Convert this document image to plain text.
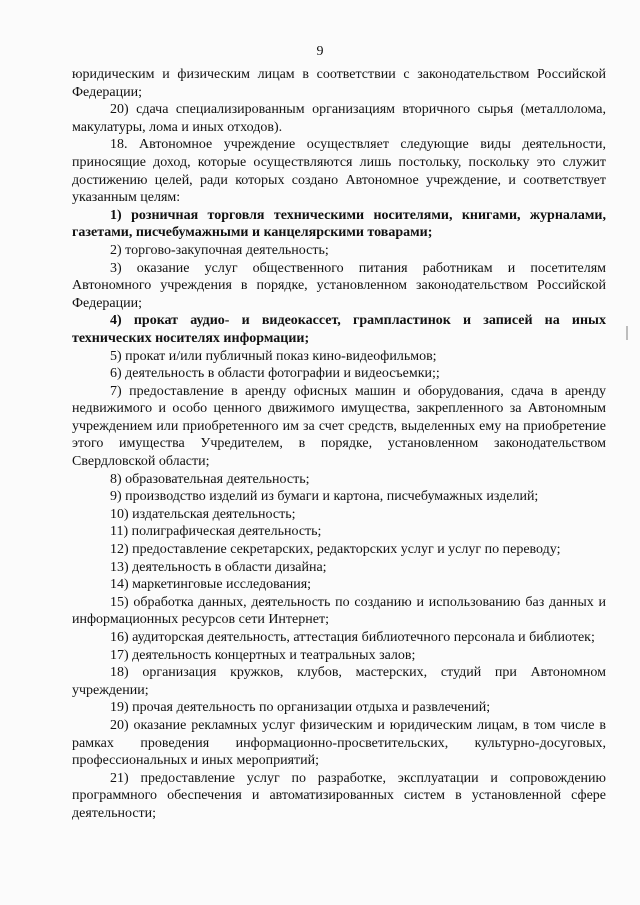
9

юридическим и физическим лицам в соответствии с законодательством Российской Федерации;

20) сдача специализированным организациям вторичного сырья (металлолома, макулатуры, лома и иных отходов).

18. Автономное учреждение осуществляет следующие виды деятельности, приносящие доход, которые осуществляются лишь постольку, поскольку это служит достижению целей, ради которых создано Автономное учреждение, и соответствует указанным целям:

1) розничная торговля техническими носителями, книгами, журналами, газетами, писчебумажными и канцелярскими товарами;

2) торгово-закупочная деятельность;

3) оказание услуг общественного питания работникам и посетителям Автономного учреждения в порядке, установленном законодательством Российской Федерации;

4) прокат аудио- и видеокассет, грампластинок и записей на иных технических носителях информации;

5) прокат и/или публичный показ кино-видеофильмов;

6) деятельность в области фотографии и видеосъемки;;

7) предоставление в аренду офисных машин и оборудования, сдача в аренду недвижимого и особо ценного движимого имущества, закрепленного за Автономным учреждением или приобретенного им за счет средств, выделенных ему на приобретение этого имущества Учредителем, в порядке, установленном законодательством Свердловской области;

8) образовательная деятельность;

9) производство изделий из бумаги и картона, писчебумажных изделий;

10) издательская деятельность;

11) полиграфическая деятельность;

12) предоставление секретарских, редакторских услуг и услуг по переводу;

13) деятельность в области дизайна;

14) маркетинговые исследования;

15) обработка данных, деятельность по созданию и использованию баз данных и информационных ресурсов сети Интернет;

16) аудиторская деятельность, аттестация библиотечного персонала и библиотек;

17) деятельность концертных и театральных залов;

18) организация кружков, клубов, мастерских, студий при Автономном учреждении;

19) прочая деятельность по организации отдыха и развлечений;

20) оказание рекламных услуг физическим и юридическим лицам, в том числе в рамках проведения информационно-просветительских, культурно-досуговых, профессиональных и иных мероприятий;

21) предоставление услуг по разработке, эксплуатации и сопровождению программного обеспечения и автоматизированных систем в установленной сфере деятельности;
